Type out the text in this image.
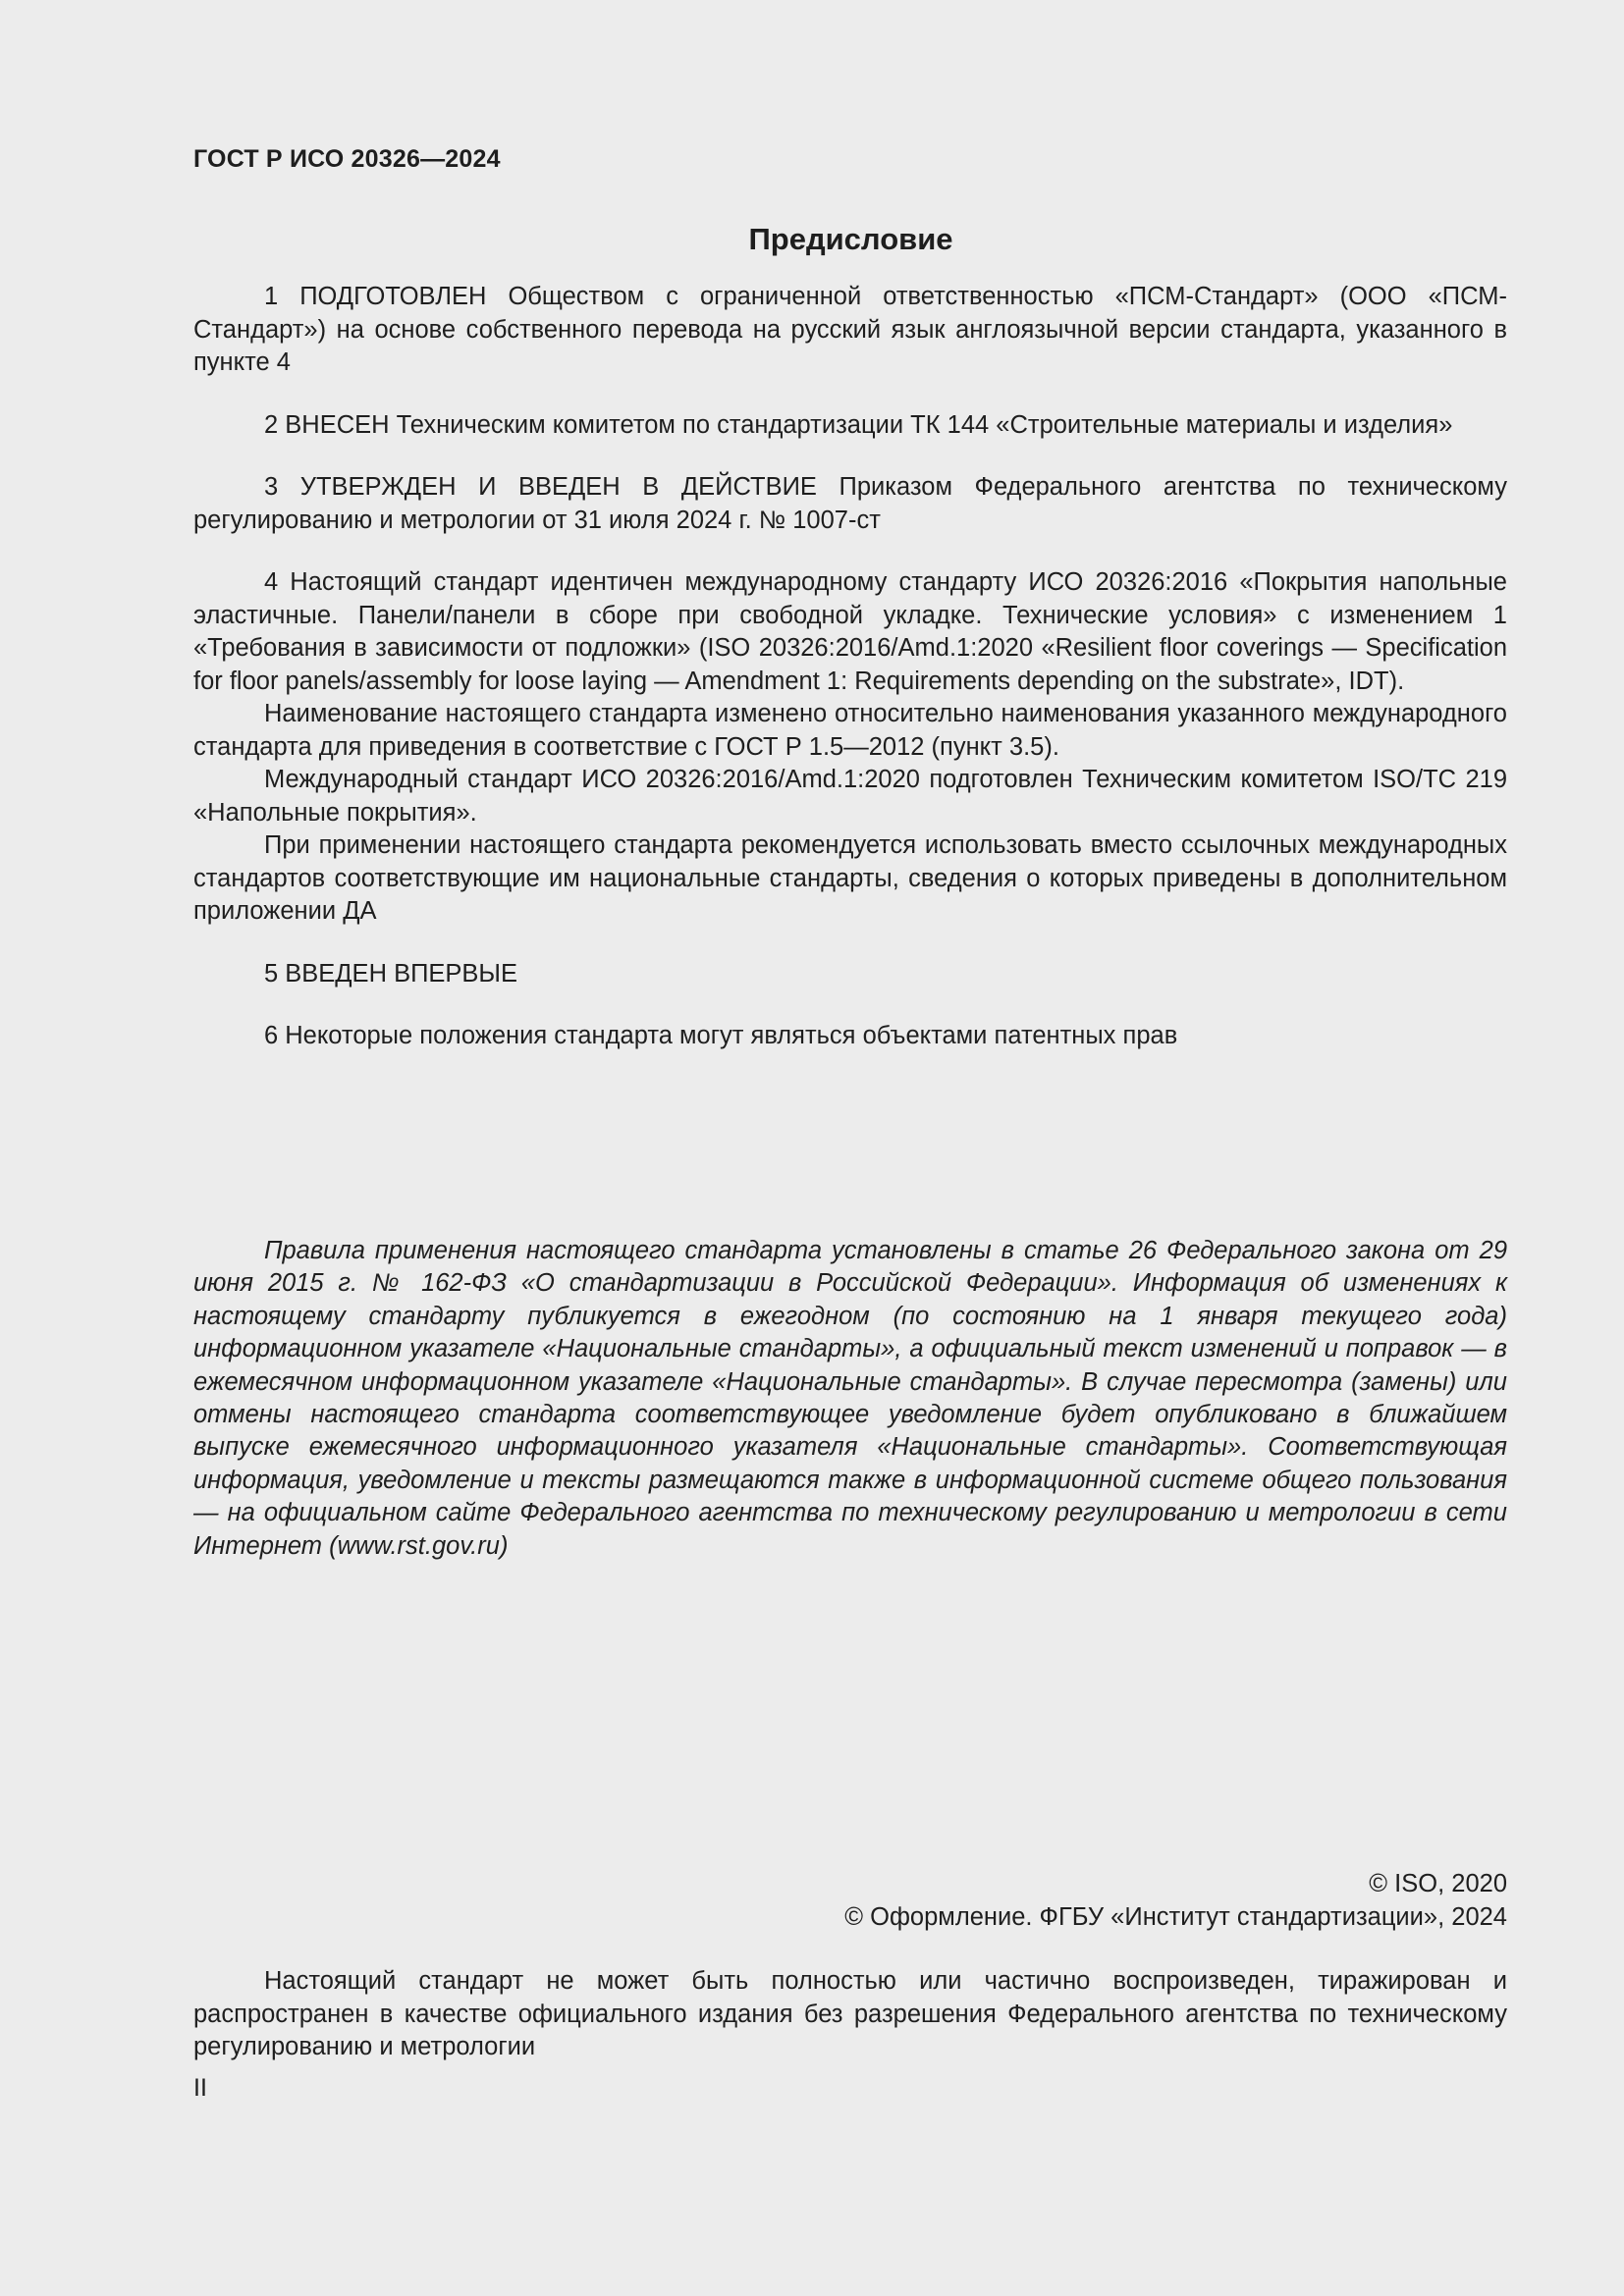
ГОСТ Р ИСО 20326—2024
Предисловие

1 ПОДГОТОВЛЕН Обществом с ограниченной ответственностью «ПСМ-Стандарт» (ООО «ПСМ-Стандарт») на основе собственного перевода на русский язык англоязычной версии стандарта, указанного в пункте 4

2 ВНЕСЕН Техническим комитетом по стандартизации ТК 144 «Строительные материалы и изделия»

3 УТВЕРЖДЕН И ВВЕДЕН В ДЕЙСТВИЕ Приказом Федерального агентства по техническому регулированию и метрологии от 31 июля 2024 г. № 1007-ст

4 Настоящий стандарт идентичен международному стандарту ИСО 20326:2016 «Покрытия напольные эластичные. Панели/панели в сборе при свободной укладке. Технические условия» с изменением 1 «Требования в зависимости от подложки» (ISO 20326:2016/Amd.1:2020 «Resilient floor coverings — Specification for floor panels/assembly for loose laying — Amendment 1: Requirements depending on the substrate», IDT).

Наименование настоящего стандарта изменено относительно наименования указанного международного стандарта для приведения в соответствие с ГОСТ Р 1.5—2012 (пункт 3.5).

Международный стандарт ИСО 20326:2016/Amd.1:2020 подготовлен Техническим комитетом ISO/TC 219 «Напольные покрытия».

При применении настоящего стандарта рекомендуется использовать вместо ссылочных международных стандартов соответствующие им национальные стандарты, сведения о которых приведены в дополнительном приложении ДА

5 ВВЕДЕН ВПЕРВЫЕ

6 Некоторые положения стандарта могут являться объектами патентных прав

Правила применения настоящего стандарта установлены в статье 26 Федерального закона от 29 июня 2015 г. № 162-ФЗ «О стандартизации в Российской Федерации». Информация об изменениях к настоящему стандарту публикуется в ежегодном (по состоянию на 1 января текущего года) информационном указателе «Национальные стандарты», а официальный текст изменений и поправок — в ежемесячном информационном указателе «Национальные стандарты». В случае пересмотра (замены) или отмены настоящего стандарта соответствующее уведомление будет опубликовано в ближайшем выпуске ежемесячного информационного указателя «Национальные стандарты». Соответствующая информация, уведомление и тексты размещаются также в информационной системе общего пользования — на официальном сайте Федерального агентства по техническому регулированию и метрологии в сети Интернет (www.rst.gov.ru)
© ISO, 2020
© Оформление. ФГБУ «Институт стандартизации», 2024
Настоящий стандарт не может быть полностью или частично воспроизведен, тиражирован и распространен в качестве официального издания без разрешения Федерального агентства по техническому регулированию и метрологии
II
